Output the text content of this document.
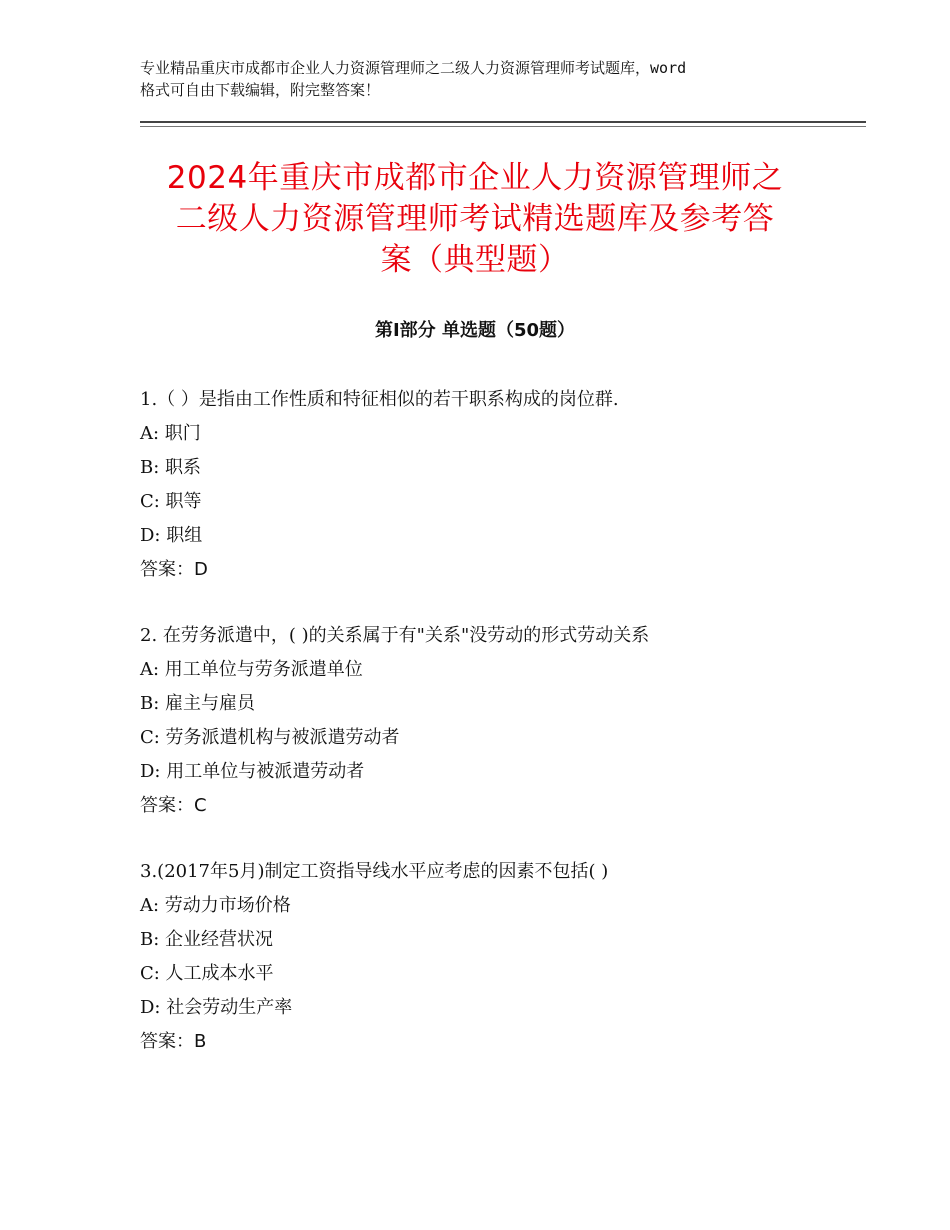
专业精品重庆市成都市企业人力资源管理师之二级人力资源管理师考试题库，word
格式可自由下载编辑，附完整答案！
2024年重庆市成都市企业人力资源管理师之
二级人力资源管理师考试精选题库及参考答
案（典型题）
第Ⅰ部分 单选题（50题）
1.（ ）是指由工作性质和特征相似的若干职系构成的岗位群.
A: 职门
B: 职系
C: 职等
D: 职组
答案：D
2. 在劳务派遣中，( )的关系属于有"关系"没劳动的形式劳动关系
A: 用工单位与劳务派遣单位
B: 雇主与雇员
C: 劳务派遣机构与被派遣劳动者
D: 用工单位与被派遣劳动者
答案：C
3.(2017年5月)制定工资指导线水平应考虑的因素不包括( )
A: 劳动力市场价格
B: 企业经营状况
C: 人工成本水平
D: 社会劳动生产率
答案：B
